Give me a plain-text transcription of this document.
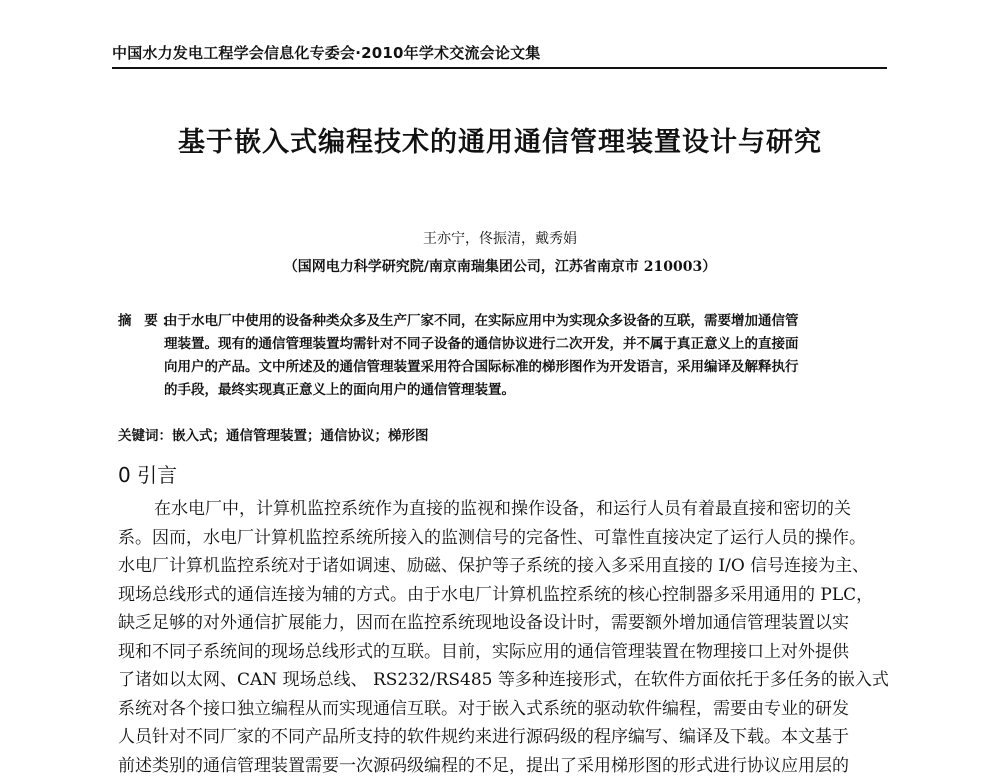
中国水力发电工程学会信息化专委会·2010年学术交流会论文集
基于嵌入式编程技术的通用通信管理装置设计与研究
王亦宁，佟振清，戴秀娟
（国网电力科学研究院/南京南瑞集团公司，江苏省南京市 210003）
摘 要：由于水电厂中使用的设备种类众多及生产厂家不同，在实际应用中为实现众多设备的互联，需要增加通信管
理装置。现有的通信管理装置均需针对不同子设备的通信协议进行二次开发，并不属于真正意义上的直接面
向用户的产品。文中所述及的通信管理装置采用符合国际标准的梯形图作为开发语言，采用编译及解释执行
的手段，最终实现真正意义上的面向用户的通信管理装置。
关键词：嵌入式；通信管理装置；通信协议；梯形图
0 引言
在水电厂中，计算机监控系统作为直接的监视和操作设备，和运行人员有着最直接和密切的关
系。因而，水电厂计算机监控系统所接入的监测信号的完备性、可靠性直接决定了运行人员的操作。
水电厂计算机监控系统对于诸如调速、励磁、保护等子系统的接入多采用直接的 I/O 信号连接为主、
现场总线形式的通信连接为辅的方式。由于水电厂计算机监控系统的核心控制器多采用通用的 PLC，
缺乏足够的对外通信扩展能力，因而在监控系统现地设备设计时，需要额外增加通信管理装置以实
现和不同子系统间的现场总线形式的互联。目前，实际应用的通信管理装置在物理接口上对外提供
了诸如以太网、CAN 现场总线、 RS232/RS485 等多种连接形式，在软件方面依托于多任务的嵌入式
系统对各个接口独立编程从而实现通信互联。对于嵌入式系统的驱动软件编程，需要由专业的研发
人员针对不同厂家的不同产品所支持的软件规约来进行源码级的程序编写、编译及下载。本文基于
前述类别的通信管理装置需要一次源码级编程的不足，提出了采用梯形图的形式进行协议应用层的
